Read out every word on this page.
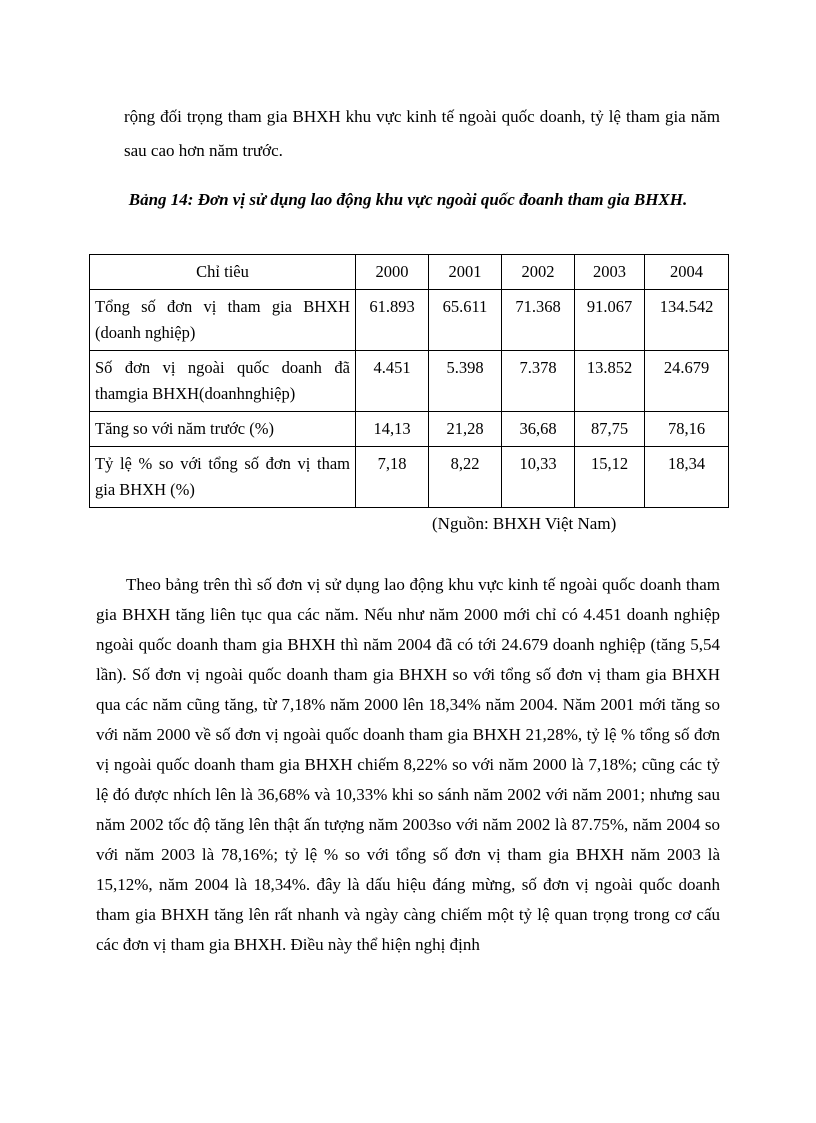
rộng đối trọng tham gia BHXH khu vực kinh tế ngoài quốc doanh, tỷ lệ tham gia năm sau cao hơn năm trước.

Bảng 14: Đơn vị sử dụng lao động khu vực ngoài quốc đoanh tham gia BHXH.

Chỉ tiêu	2000	2001	2002	2003	2004
Tổng số đơn vị tham gia BHXH (doanh nghiệp)	61.893	65.611	71.368	91.067	134.542
Số đơn vị ngoài quốc doanh đã thamgia BHXH(doanhnghiệp)	4.451	5.398	7.378	13.852	24.679
Tăng so với năm trước (%)	14,13	21,28	36,68	87,75	78,16
Tỷ lệ % so với tổng số đơn vị tham gia BHXH (%)	7,18	8,22	10,33	15,12	18,34

(Nguồn: BHXH Việt Nam)

Theo bảng trên thì số đơn vị sử dụng lao động khu vực kinh tế ngoài quốc doanh tham gia BHXH tăng liên tục qua các năm. Nếu như năm 2000 mới chỉ có 4.451 doanh nghiệp ngoài quốc doanh tham gia BHXH thì năm 2004 đã có tới 24.679 doanh nghiệp (tăng 5,54 lần). Số đơn vị ngoài quốc doanh tham gia BHXH so với tổng số đơn vị tham gia BHXH qua các năm cũng tăng, từ 7,18% năm 2000 lên 18,34% năm 2004. Năm 2001 mới tăng so với năm 2000 về số đơn vị ngoài quốc doanh tham gia BHXH 21,28%, tỷ lệ % tổng số đơn vị ngoài quốc doanh tham gia BHXH chiếm 8,22% so với năm 2000 là 7,18%; cũng các tỷ lệ đó được nhích lên là 36,68% và 10,33% khi so sánh năm 2002 với năm 2001; nhưng sau năm 2002 tốc độ tăng lên thật ấn tượng năm 2003so với năm 2002 là 87.75%, năm 2004 so với năm 2003 là 78,16%; tỷ lệ % so với tổng số đơn vị tham gia BHXH năm 2003 là 15,12%, năm 2004 là 18,34%. đây là dấu hiệu đáng mừng, số đơn vị ngoài quốc doanh tham gia BHXH tăng lên rất nhanh và ngày càng chiếm một tỷ lệ quan trọng trong cơ cấu các đơn vị tham gia BHXH. Điều này thể hiện nghị định
